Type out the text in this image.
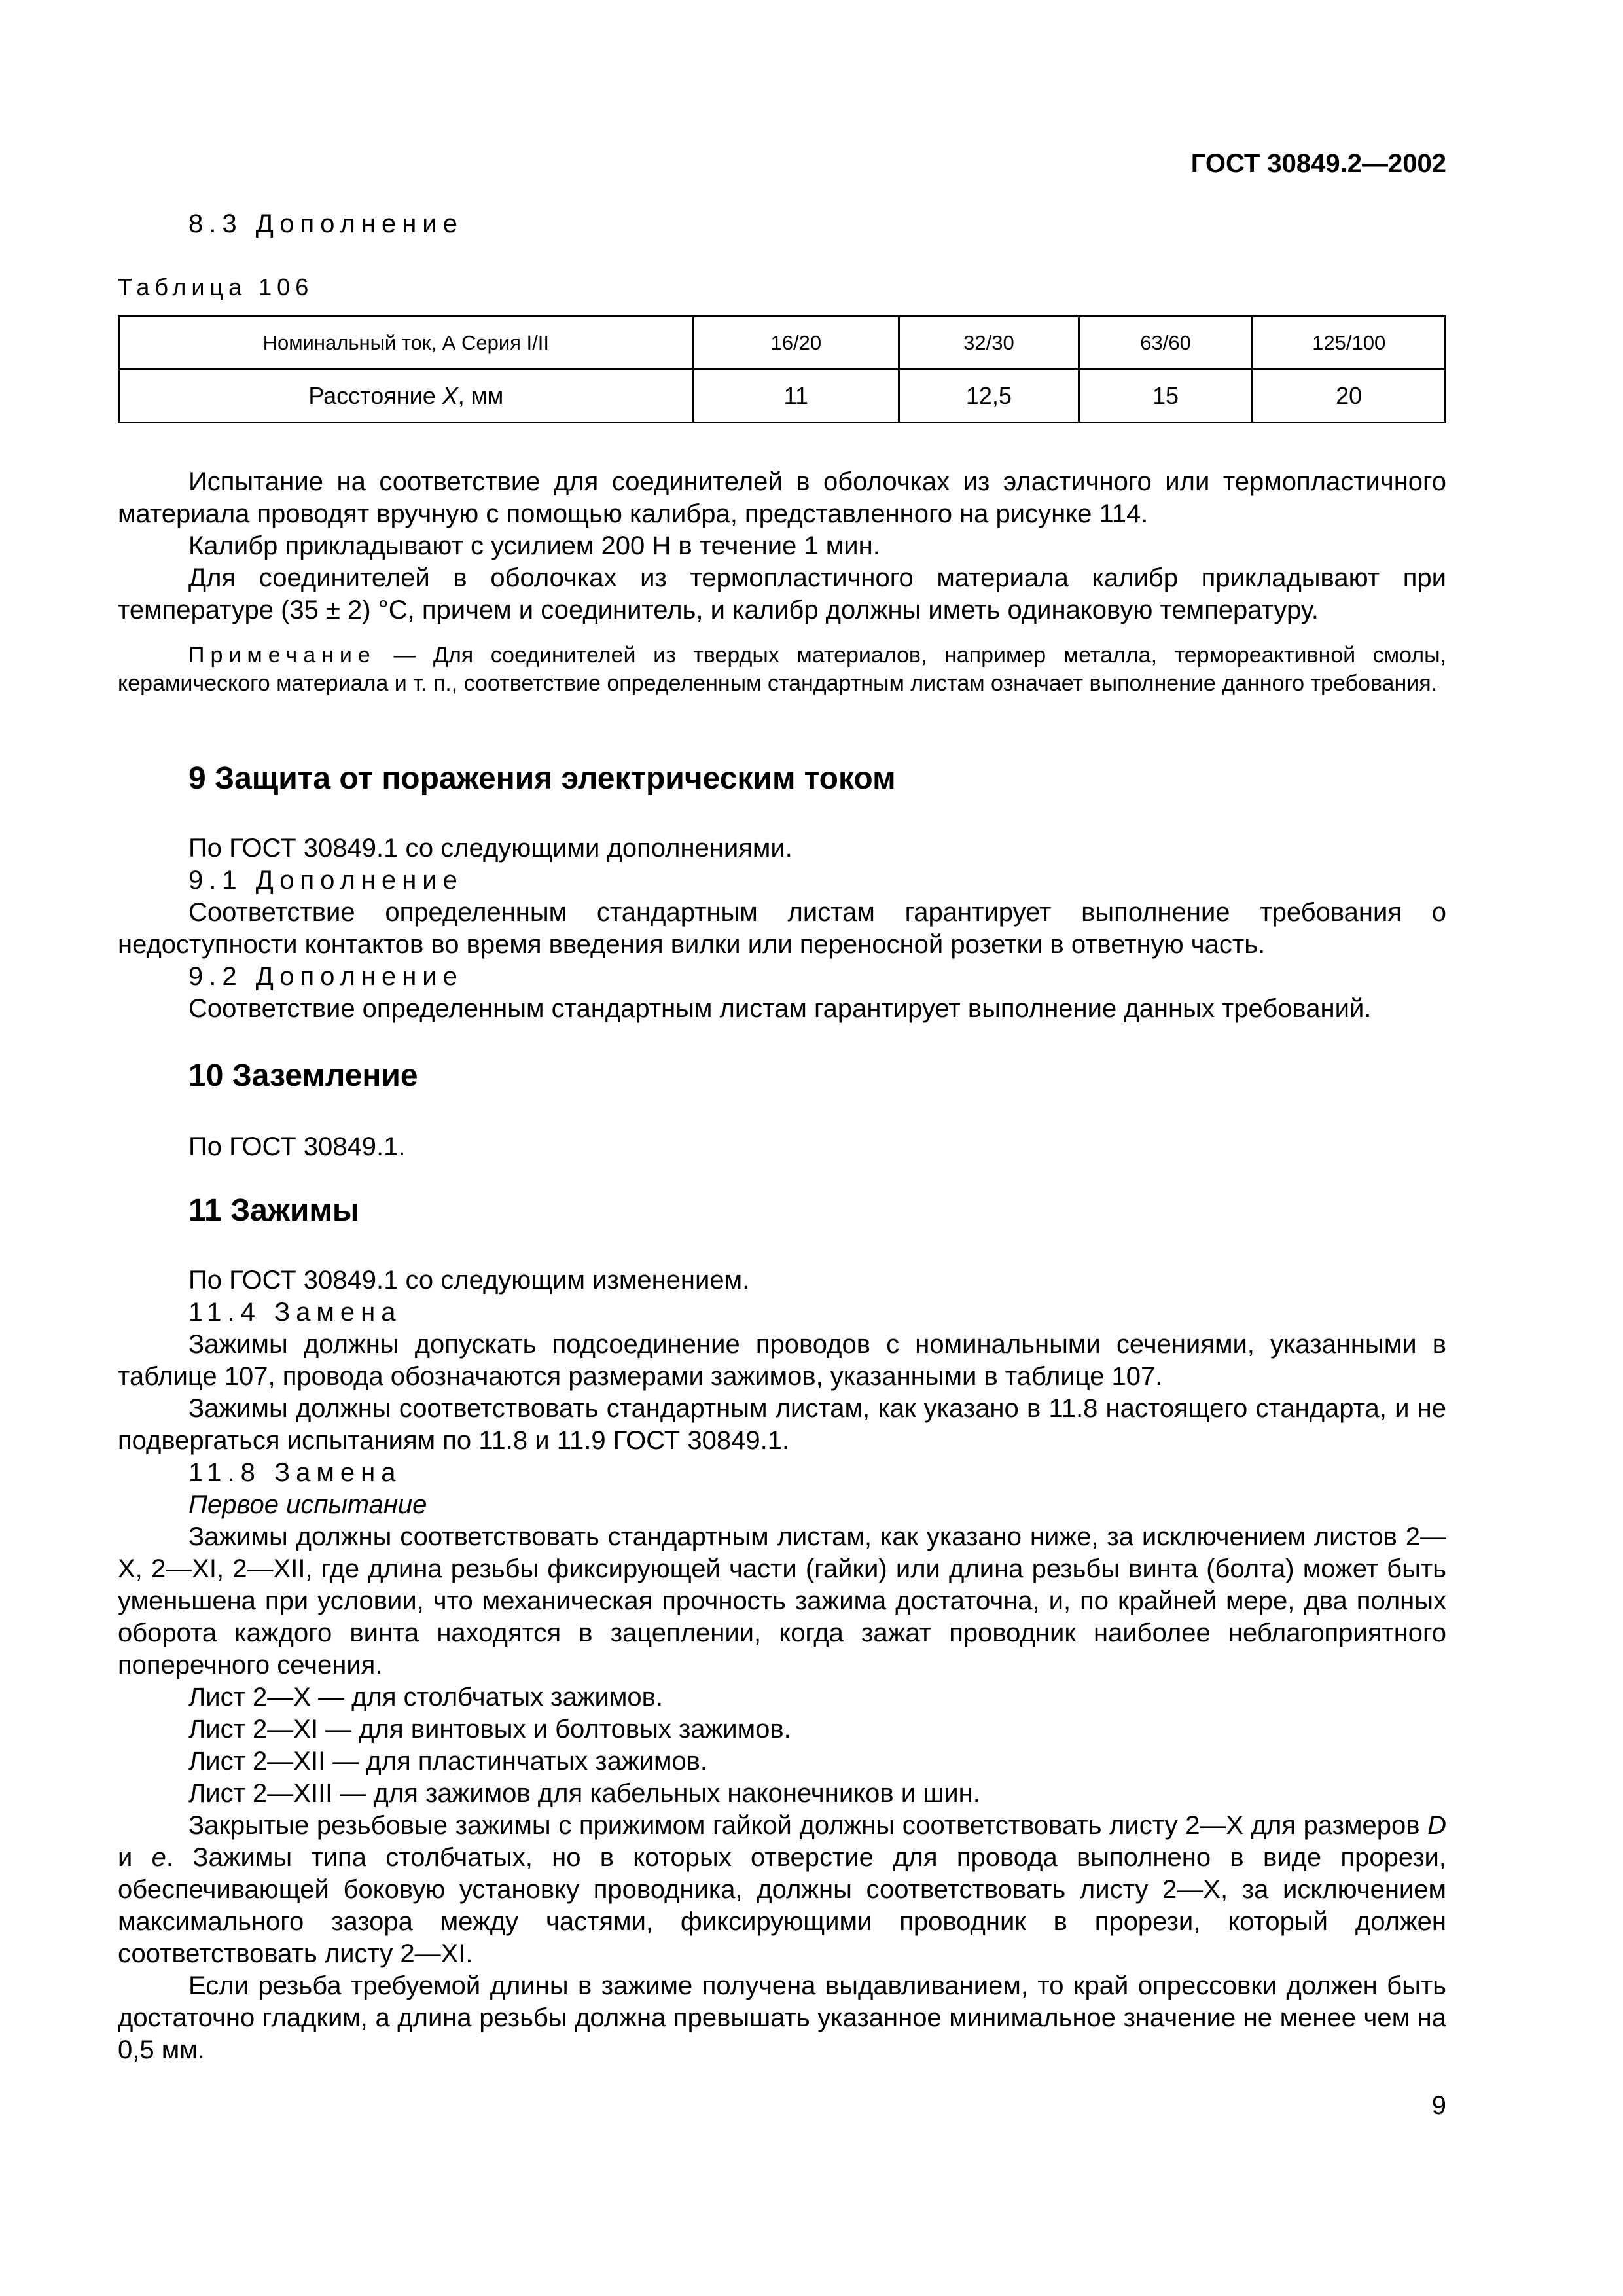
ГОСТ 30849.2—2002

8.3 Дополнение

Таблица 106
Номинальный ток, А Серия I/II	16/20	32/30	63/60	125/100
Расстояние X, мм	11	12,5	15	20

Испытание на соответствие для соединителей в оболочках из эластичного или термопластичного материала проводят вручную с помощью калибра, представленного на рисунке 114.

Калибр прикладывают с усилием 200 Н в течение 1 мин.

Для соединителей в оболочках из термопластичного материала калибр прикладывают при температуре (35 ± 2) °С, причем и соединитель, и калибр должны иметь одинаковую температуру.

Примечание — Для соединителей из твердых материалов, например металла, термореактивной смолы, керамического материала и т. п., соответствие определенным стандартным листам означает выполнение данного требования.

9 Защита от поражения электрическим током

По ГОСТ 30849.1 со следующими дополнениями.

9.1 Дополнение

Соответствие определенным стандартным листам гарантирует выполнение требования о недоступности контактов во время введения вилки или переносной розетки в ответную часть.

9.2 Дополнение

Соответствие определенным стандартным листам гарантирует выполнение данных требований.

10 Заземление

По ГОСТ 30849.1.

11 Зажимы

По ГОСТ 30849.1 со следующим изменением.

11.4 Замена

Зажимы должны допускать подсоединение проводов с номинальными сечениями, указанными в таблице 107, провода обозначаются размерами зажимов, указанными в таблице 107.

Зажимы должны соответствовать стандартным листам, как указано в 11.8 настоящего стандарта, и не подвергаться испытаниям по 11.8 и 11.9 ГОСТ 30849.1.

11.8 Замена

Первое испытание

Зажимы должны соответствовать стандартным листам, как указано ниже, за исключением листов 2—X, 2—XI, 2—XII, где длина резьбы фиксирующей части (гайки) или длина резьбы винта (болта) может быть уменьшена при условии, что механическая прочность зажима достаточна, и, по крайней мере, два полных оборота каждого винта находятся в зацеплении, когда зажат проводник наиболее неблагоприятного поперечного сечения.

Лист 2—X — для столбчатых зажимов.

Лист 2—XI — для винтовых и болтовых зажимов.

Лист 2—XII — для пластинчатых зажимов.

Лист 2—XIII — для зажимов для кабельных наконечников и шин.

Закрытые резьбовые зажимы с прижимом гайкой должны соответствовать листу 2—X для размеров D и е. Зажимы типа столбчатых, но в которых отверстие для провода выполнено в виде прорези, обеспечивающей боковую установку проводника, должны соответствовать листу 2—X, за исключением максимального зазора между частями, фиксирующими проводник в прорези, который должен соответствовать листу 2—XI.

Если резьба требуемой длины в зажиме получена выдавливанием, то край опрессовки должен быть достаточно гладким, а длина резьбы должна превышать указанное минимальное значение не менее чем на 0,5 мм.

9
